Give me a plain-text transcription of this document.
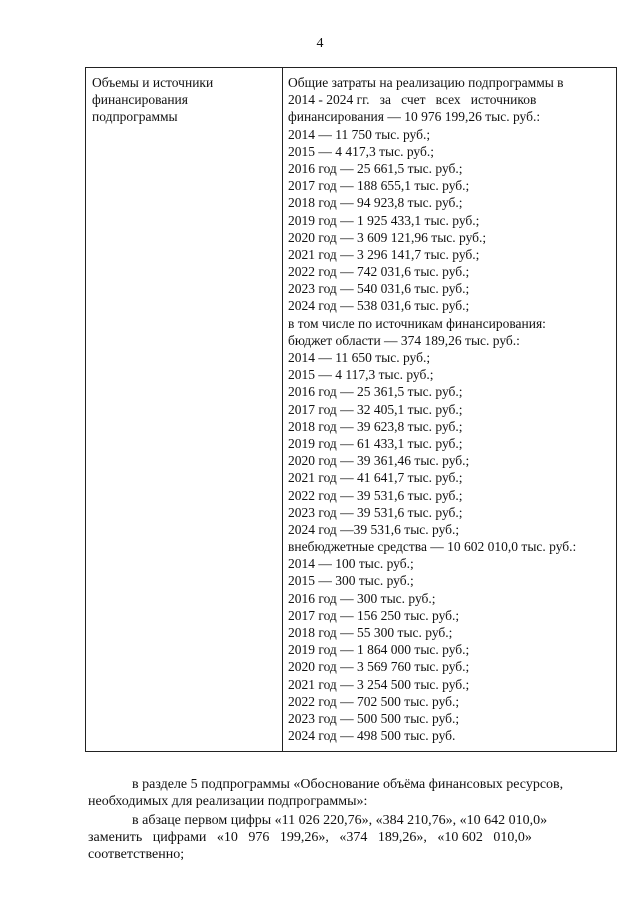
4
Объемы и источники
финансирования
подпрограммы
Общие затраты на реализацию подпрограммы в
2014 - 2024 гг.   за   счет   всех   источников
финансирования — 10 976 199,26 тыс. руб.:
2014 — 11 750 тыс. руб.;
2015 — 4 417,3 тыс. руб.;
2016 год — 25 661,5 тыс. руб.;
2017 год — 188 655,1 тыс. руб.;
2018 год — 94 923,8 тыс. руб.;
2019 год — 1 925 433,1 тыс. руб.;
2020 год — 3 609 121,96 тыс. руб.;
2021 год — 3 296 141,7 тыс. руб.;
2022 год — 742 031,6 тыс. руб.;
2023 год — 540 031,6 тыс. руб.;
2024 год — 538 031,6 тыс. руб.;
в том числе по источникам финансирования:
бюджет области — 374 189,26 тыс. руб.:
2014 — 11 650 тыс. руб.;
2015 — 4 117,3 тыс. руб.;
2016 год — 25 361,5 тыс. руб.;
2017 год — 32 405,1 тыс. руб.;
2018 год — 39 623,8 тыс. руб.;
2019 год — 61 433,1 тыс. руб.;
2020 год — 39 361,46 тыс. руб.;
2021 год — 41 641,7 тыс. руб.;
2022 год — 39 531,6 тыс. руб.;
2023 год — 39 531,6 тыс. руб.;
2024 год —39 531,6 тыс. руб.;
внебюджетные средства — 10 602 010,0 тыс. руб.:
2014 — 100 тыс. руб.;
2015 — 300 тыс. руб.;
2016 год — 300 тыс. руб.;
2017 год — 156 250 тыс. руб.;
2018 год — 55 300 тыс. руб.;
2019 год — 1 864 000 тыс. руб.;
2020 год — 3 569 760 тыс. руб.;
2021 год — 3 254 500 тыс. руб.;
2022 год — 702 500 тыс. руб.;
2023 год — 500 500 тыс. руб.;
2024 год — 498 500 тыс. руб.
в разделе 5 подпрограммы «Обоснование объёма финансовых ресурсов,
необходимых для реализации подпрограммы»:
в абзаце первом цифры «11 026 220,76», «384 210,76», «10 642 010,0»
заменить   цифрами   «10   976   199,26»,   «374   189,26»,   «10 602   010,0»
соответственно;
